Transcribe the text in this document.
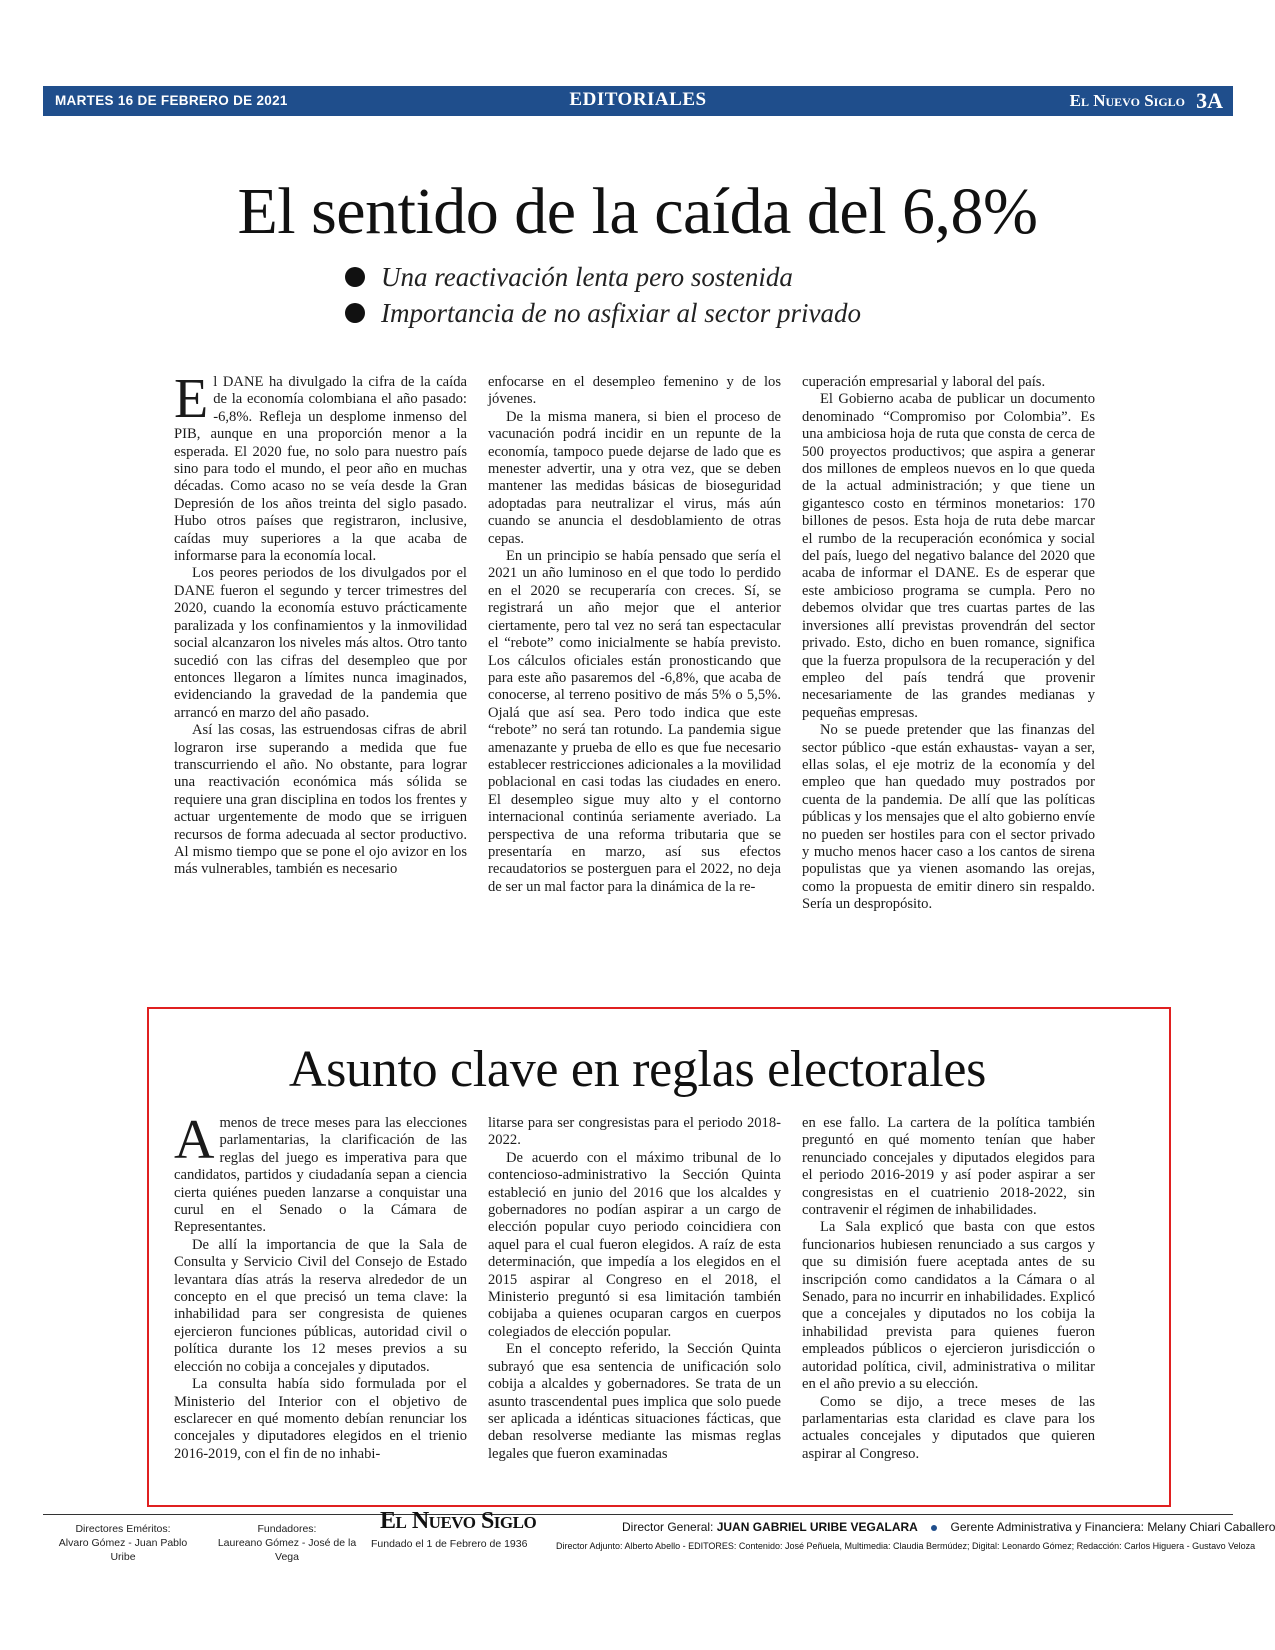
MARTES 16 DE FEBRERO DE 2021	EDITORIALES	El Nuevo Siglo 3A
El sentido de la caída del 6,8%
Una reactivación lenta pero sostenida
Importancia de no asfixiar al sector privado
E l DANE ha divulgado la cifra de la caída de la economía colombiana el año pasado: -6,8%. Refleja un desplome inmenso del PIB, aunque en una proporción menor a la esperada. El 2020 fue, no solo para nuestro país sino para todo el mundo, el peor año en muchas décadas. Como acaso no se veía desde la Gran Depresión de los años treinta del siglo pasado. Hubo otros países que registraron, inclusive, caídas muy superiores a la que acaba de informarse para la economía local.

Los peores periodos de los divulgados por el DANE fueron el segundo y tercer trimestres del 2020, cuando la economía estuvo prácticamente paralizada y los confinamientos y la inmovilidad social alcanzaron los niveles más altos. Otro tanto sucedió con las cifras del desempleo que por entonces llegaron a límites nunca imaginados, evidenciando la gravedad de la pandemia que arrancó en marzo del año pasado.

Así las cosas, las estruendosas cifras de abril lograron irse superando a medida que fue transcurriendo el año. No obstante, para lograr una reactivación económica más sólida se requiere una gran disciplina en todos los frentes y actuar urgentemente de modo que se irriguen recursos de forma adecuada al sector productivo. Al mismo tiempo que se pone el ojo avizor en los más vulnerables, también es necesario

enfocarse en el desempleo femenino y de los jóvenes.

De la misma manera, si bien el proceso de vacunación podrá incidir en un repunte de la economía, tampoco puede dejarse de lado que es menester advertir, una y otra vez, que se deben mantener las medidas básicas de bioseguridad adoptadas para neutralizar el virus, más aún cuando se anuncia el desdoblamiento de otras cepas.

En un principio se había pensado que sería el 2021 un año luminoso en el que todo lo perdido en el 2020 se recuperaría con creces. Sí, se registrará un año mejor que el anterior ciertamente, pero tal vez no será tan espectacular el “rebote” como inicialmente se había previsto. Los cálculos oficiales están pronosticando que para este año pasaremos del -6,8%, que acaba de conocerse, al terreno positivo de más 5% o 5,5%. Ojalá que así sea. Pero todo indica que este “rebote” no será tan rotundo. La pandemia sigue amenazante y prueba de ello es que fue necesario establecer restricciones adicionales a la movilidad poblacional en casi todas las ciudades en enero. El desempleo sigue muy alto y el contorno internacional continúa seriamente averiado. La perspectiva de una reforma tributaria que se presentaría en marzo, así sus efectos recaudatorios se posterguen para el 2022, no deja de ser un mal factor para la dinámica de la re-

cuperación empresarial y laboral del país.

El Gobierno acaba de publicar un documento denominado “Compromiso por Colombia”. Es una ambiciosa hoja de ruta que consta de cerca de 500 proyectos productivos; que aspira a generar dos millones de empleos nuevos en lo que queda de la actual administración; y que tiene un gigantesco costo en términos monetarios: 170 billones de pesos. Esta hoja de ruta debe marcar el rumbo de la recuperación económica y social del país, luego del negativo balance del 2020 que acaba de informar el DANE. Es de esperar que este ambicioso programa se cumpla. Pero no debemos olvidar que tres cuartas partes de las inversiones allí previstas provendrán del sector privado. Esto, dicho en buen romance, significa que la fuerza propulsora de la recuperación y del empleo del país tendrá que provenir necesariamente de las grandes medianas y pequeñas empresas.

No se puede pretender que las finanzas del sector público -que están exhaustas- vayan a ser, ellas solas, el eje motriz de la economía y del empleo que han quedado muy postrados por cuenta de la pandemia. De allí que las políticas públicas y los mensajes que el alto gobierno envíe no pueden ser hostiles para con el sector privado y mucho menos hacer caso a los cantos de sirena populistas que ya vienen asomando las orejas, como la propuesta de emitir dinero sin respaldo. Sería un despropósito.

Asunto clave en reglas electorales
A menos de trece meses para las elecciones parlamentarias, la clarificación de las reglas del juego es imperativa para que candidatos, partidos y ciudadanía sepan a ciencia cierta quiénes pueden lanzarse a conquistar una curul en el Senado o la Cámara de Representantes.

De allí la importancia de que la Sala de Consulta y Servicio Civil del Consejo de Estado levantara días atrás la reserva alrededor de un concepto en el que precisó un tema clave: la inhabilidad para ser congresista de quienes ejercieron funciones públicas, autoridad civil o política durante los 12 meses previos a su elección no cobija a concejales y diputados.

La consulta había sido formulada por el Ministerio del Interior con el objetivo de esclarecer en qué momento debían renunciar los concejales y diputadores elegidos en el trienio 2016-2019, con el fin de no inhabi-

litarse para ser congresistas para el periodo 2018-2022.

De acuerdo con el máximo tribunal de lo contencioso-administrativo la Sección Quinta estableció en junio del 2016 que los alcaldes y gobernadores no podían aspirar a un cargo de elección popular cuyo periodo coincidiera con aquel para el cual fueron elegidos. A raíz de esta determinación, que impedía a los elegidos en el 2015 aspirar al Congreso en el 2018, el Ministerio preguntó si esa limitación también cobijaba a quienes ocuparan cargos en cuerpos colegiados de elección popular.

En el concepto referido, la Sección Quinta subrayó que esa sentencia de unificación solo cobija a alcaldes y gobernadores. Se trata de un asunto trascendental pues implica que solo puede ser aplicada a idénticas situaciones fácticas, que deban resolverse mediante las mismas reglas legales que fueron examinadas

en ese fallo. La cartera de la política también preguntó en qué momento tenían que haber renunciado concejales y diputados elegidos para el periodo 2016-2019 y así poder aspirar a ser congresistas en el cuatrienio 2018-2022, sin contravenir el régimen de inhabilidades.

La Sala explicó que basta con que estos funcionarios hubiesen renunciado a sus cargos y que su dimisión fuere aceptada antes de su inscripción como candidatos a la Cámara o al Senado, para no incurrir en inhabilidades. Explicó que a concejales y diputados no los cobija la inhabilidad prevista para quienes fueron empleados públicos o ejercieron jurisdicción o autoridad política, civil, administrativa o militar en el año previo a su elección.

Como se dijo, a trece meses de las parlamentarias esta claridad es clave para los actuales concejales y diputados que quieren aspirar al Congreso.

Directores Eméritos:
Alvaro Gómez - Juan Pablo Uribe
Fundadores:
Laureano Gómez - José de la Vega
El Nuevo Siglo
Fundado el 1 de Febrero de 1936
Director General: JUAN GABRIEL URIBE VEGALARA	Gerente Administrativa y Financiera: Melany Chiari Caballero
Director Adjunto: Alberto Abello - EDITORES: Contenido: José Peñuela, Multimedia: Claudia Bermúdez; Digital: Leonardo Gómez; Redacción: Carlos Higuera - Gustavo Veloza
